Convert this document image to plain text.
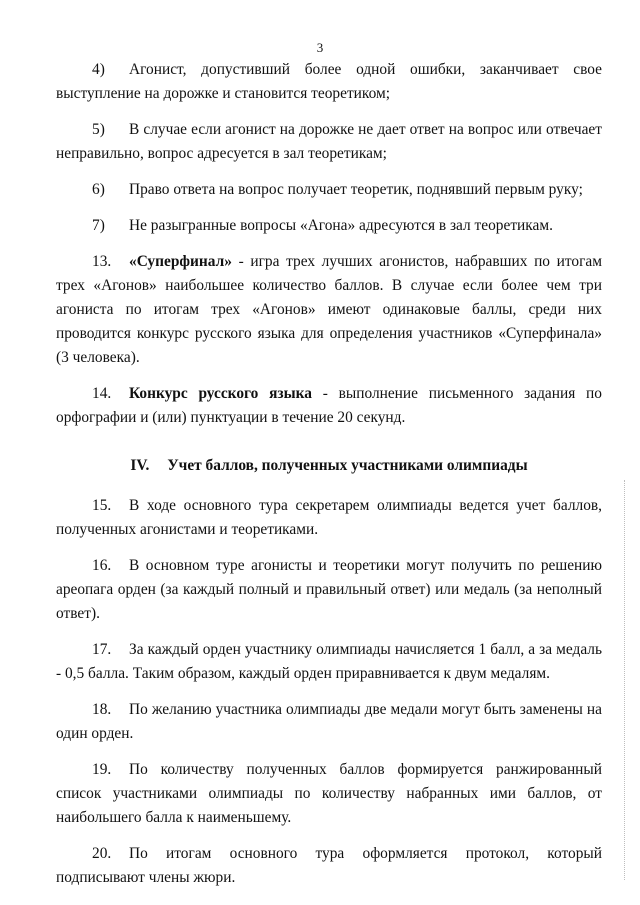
3

4) Агонист, допустивший более одной ошибки, заканчивает свое выступление на дорожке и становится теоретиком;

5) В случае если агонист на дорожке не дает ответ на вопрос или отвечает неправильно, вопрос адресуется в зал теоретикам;

6) Право ответа на вопрос получает теоретик, поднявший первым руку;

7) Не разыгранные вопросы «Агона» адресуются в зал теоретикам.

13. «Суперфинал» - игра трех лучших агонистов, набравших по итогам трех «Агонов» наибольшее количество баллов. В случае если более чем три агониста по итогам трех «Агонов» имеют одинаковые баллы, среди них проводится конкурс русского языка для определения участников «Суперфинала» (3 человека).

14. Конкурс русского языка - выполнение письменного задания по орфографии и (или) пунктуации в течение 20 секунд.

IV. Учет баллов, полученных участниками олимпиады

15. В ходе основного тура секретарем олимпиады ведется учет баллов, полученных агонистами и теоретиками.

16. В основном туре агонисты и теоретики могут получить по решению ареопага орден (за каждый полный и правильный ответ) или медаль (за неполный ответ).

17. За каждый орден участнику олимпиады начисляется 1 балл, а за медаль - 0,5 балла. Таким образом, каждый орден приравнивается к двум медалям.

18. По желанию участника олимпиады две медали могут быть заменены на один орден.

19. По количеству полученных баллов формируется ранжированный список участниками олимпиады по количеству набранных ими баллов, от наибольшего балла к наименьшему.

20. По итогам основного тура оформляется протокол, который подписывают члены жюри.
